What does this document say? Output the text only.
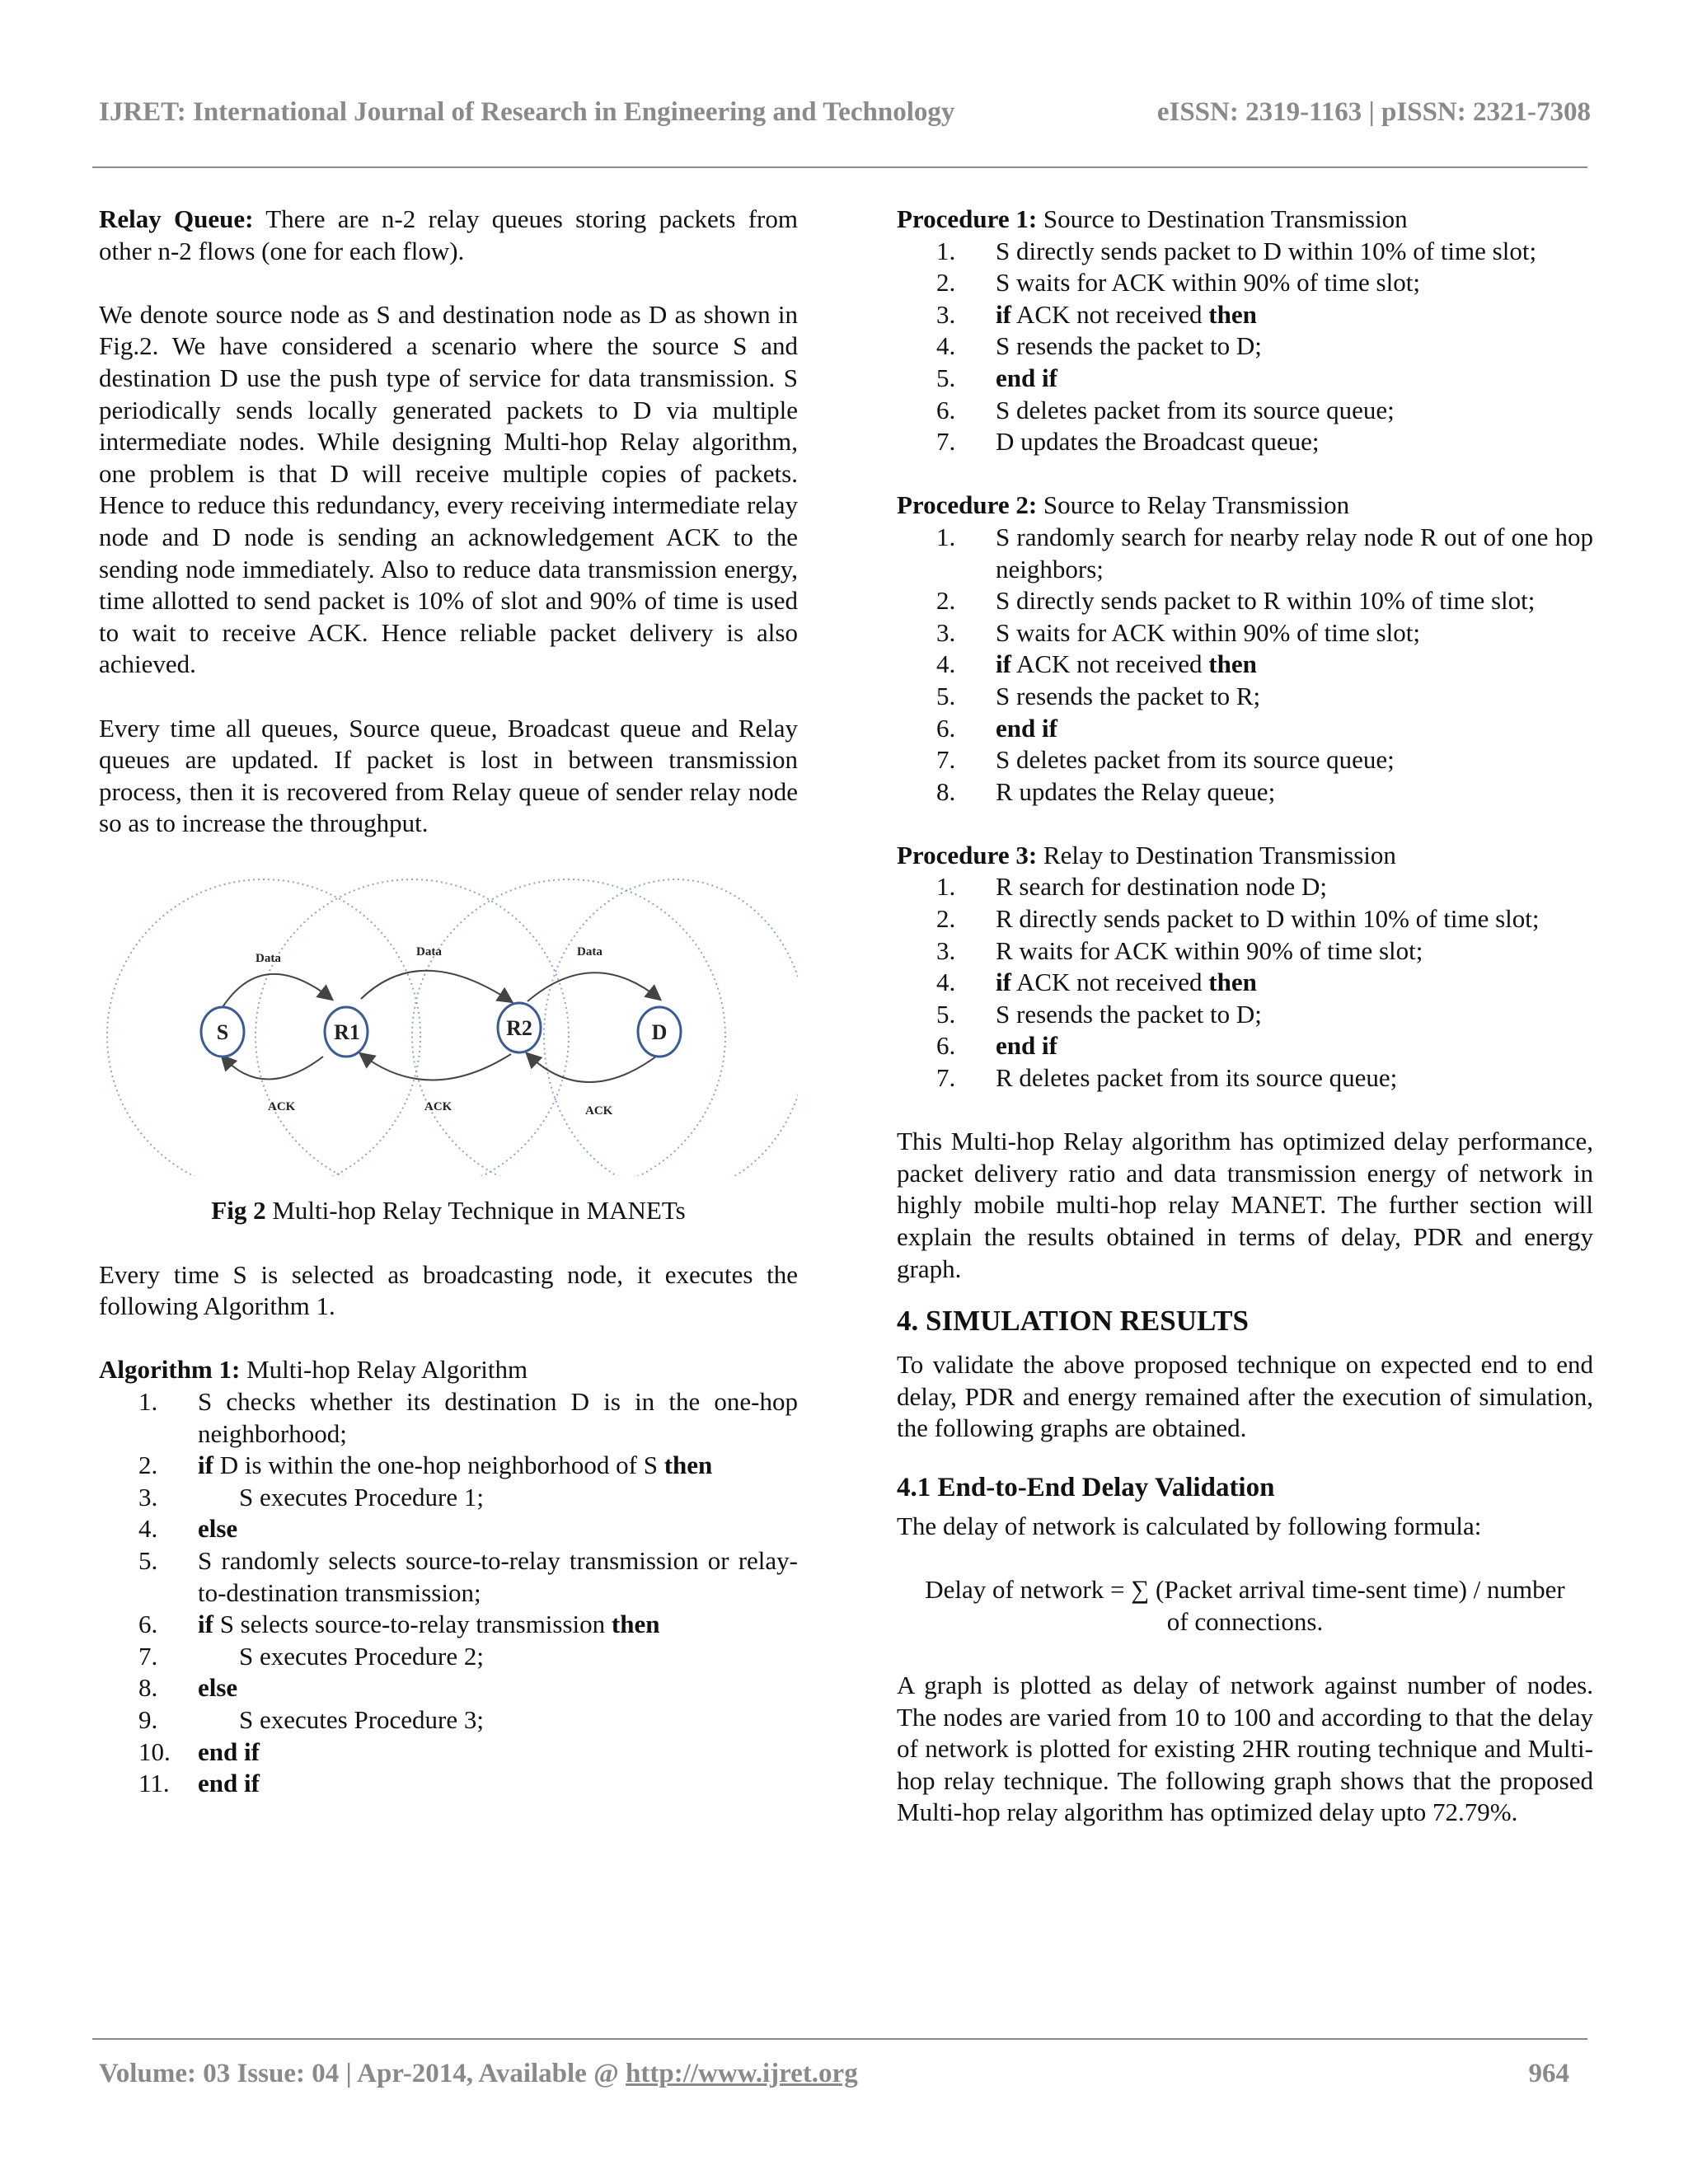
IJRET: International Journal of Research in Engineering and Technology	eISSN: 2319-1163 | pISSN: 2321-7308

Relay Queue: There are n-2 relay queues storing packets from other n-2 flows (one for each flow).

We denote source node as S and destination node as D as shown in Fig.2. We have considered a scenario where the source S and destination D use the push type of service for data transmission. S periodically sends locally generated packets to D via multiple intermediate nodes. While designing Multi-hop Relay algorithm, one problem is that D will receive multiple copies of packets. Hence to reduce this redundancy, every receiving intermediate relay node and D node is sending an acknowledgement ACK to the sending node immediately. Also to reduce data transmission energy, time allotted to send packet is 10% of slot and 90% of time is used to wait to receive ACK. Hence reliable packet delivery is also achieved.

Every time all queues, Source queue, Broadcast queue and Relay queues are updated. If packet is lost in between transmission process, then it is recovered from Relay queue of sender relay node so as to increase the throughput.

Data	Data	Data
ACK	ACK	ACK
S	R1	R2	D

Fig 2 Multi-hop Relay Technique in MANETs

Every time S is selected as broadcasting node, it executes the following Algorithm 1.

Algorithm 1: Multi-hop Relay Algorithm

1. S checks whether its destination D is in the one-hop neighborhood;
2. if D is within the one-hop neighborhood of S then
3.	S executes Procedure 1;
4. else
5. S randomly selects source-to-relay transmission or relay-to-destination transmission;
6. if S selects source-to-relay transmission then
7.	S executes Procedure 2;
8. else
9.	S executes Procedure 3;
10. end if
11. end if

Procedure 1: Source to Destination Transmission

1. S directly sends packet to D within 10% of time slot;
2. S waits for ACK within 90% of time slot;
3. if ACK not received then
4. S resends the packet to D;
5. end if
6. S deletes packet from its source queue;
7. D updates the Broadcast queue;

Procedure 2: Source to Relay Transmission

1. S randomly search for nearby relay node R out of one hop neighbors;
2. S directly sends packet to R within 10% of time slot;
3. S waits for ACK within 90% of time slot;
4. if ACK not received then
5. S resends the packet to R;
6. end if
7. S deletes packet from its source queue;
8. R updates the Relay queue;

Procedure 3: Relay to Destination Transmission

1. R search for destination node D;
2. R directly sends packet to D within 10% of time slot;
3. R waits for ACK within 90% of time slot;
4. if ACK not received then
5. S resends the packet to D;
6. end if
7. R deletes packet from its source queue;

This Multi-hop Relay algorithm has optimized delay performance, packet delivery ratio and data transmission energy of network in highly mobile multi-hop relay MANET. The further section will explain the results obtained in terms of delay, PDR and energy graph.

4. SIMULATION RESULTS

To validate the above proposed technique on expected end to end delay, PDR and energy remained after the execution of simulation, the following graphs are obtained.

4.1 End-to-End Delay Validation

The delay of network is calculated by following formula:

Delay of network = ∑ (Packet arrival time-sent time) / number

of connections.

A graph is plotted as delay of network against number of nodes. The nodes are varied from 10 to 100 and according to that the delay of network is plotted for existing 2HR routing technique and Multi-hop relay technique. The following graph shows that the proposed Multi-hop relay algorithm has optimized delay upto 72.79%.

Volume: 03 Issue: 04 | Apr-2014, Available @ http://www.ijret.org	964
